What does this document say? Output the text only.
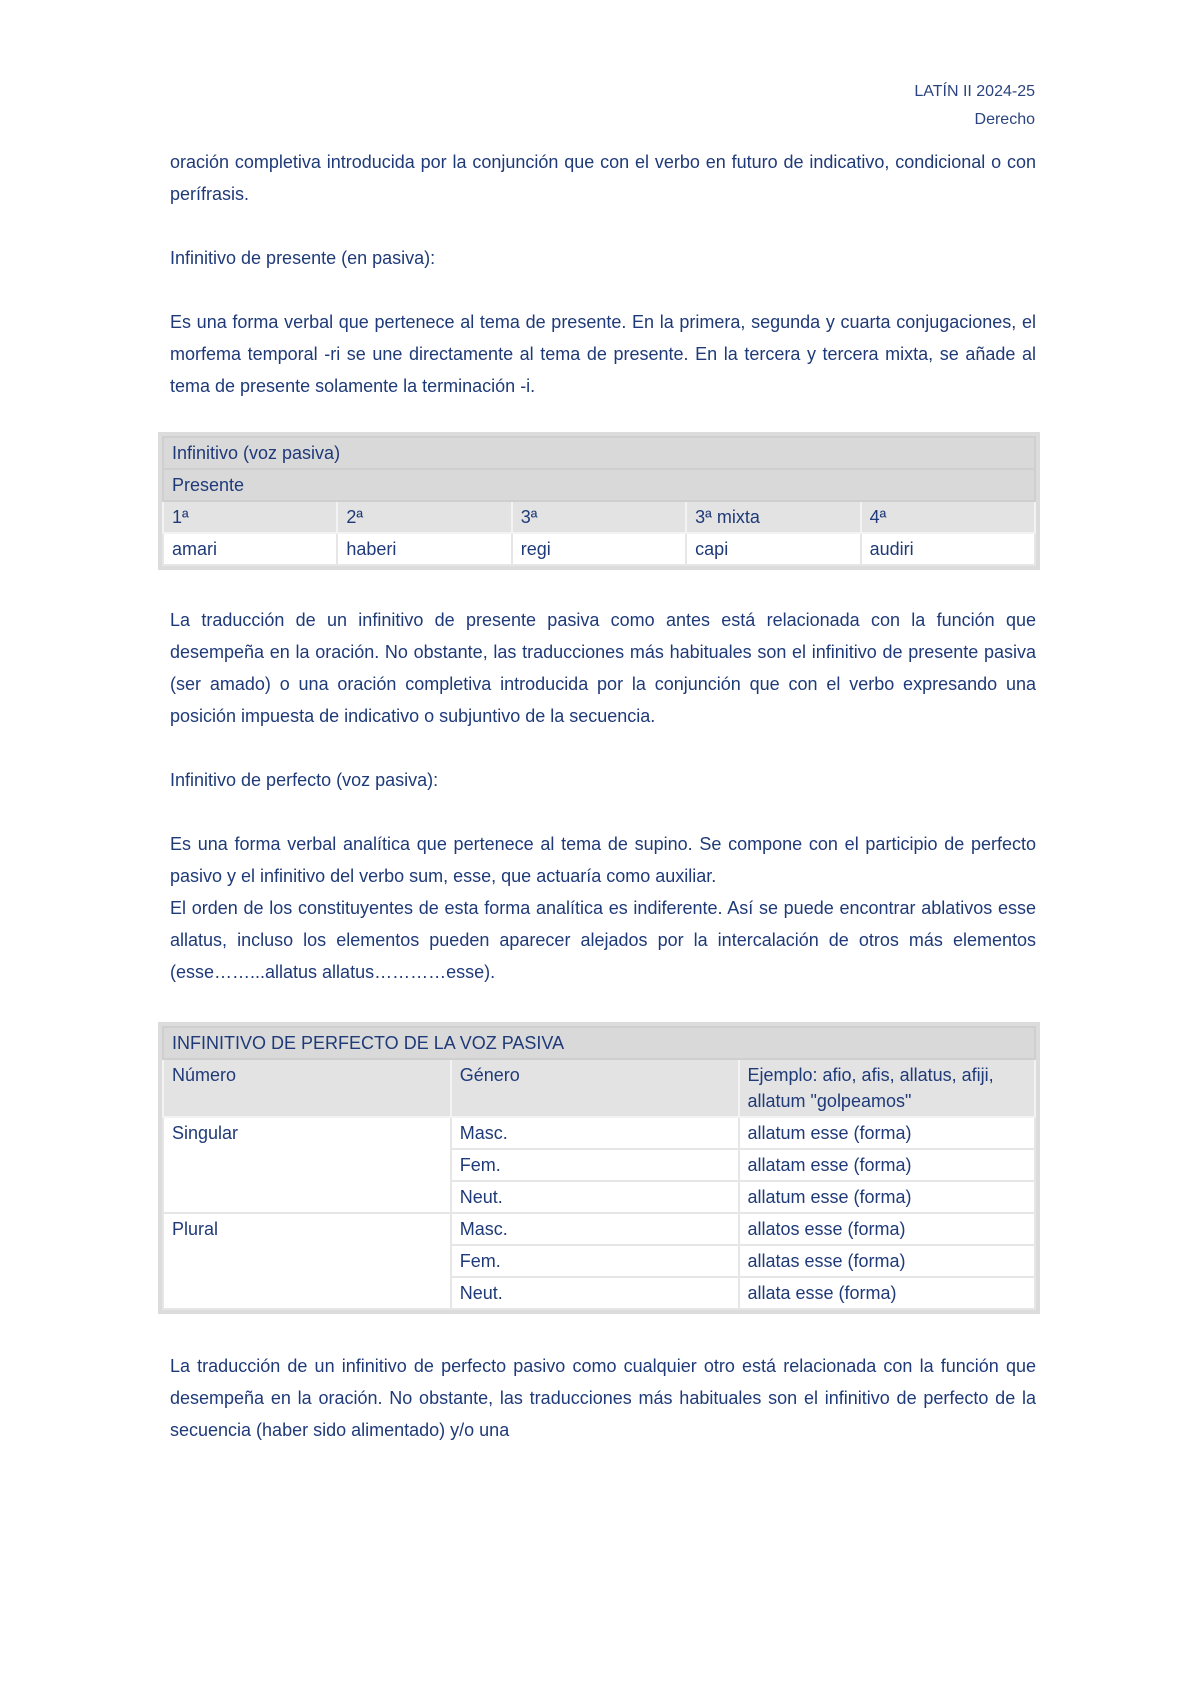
LATÍN II 2024-25
Derecho

oración completiva introducida por la conjunción que con el verbo en futuro de indicativo, condicional o con perífrasis.

Infinitivo de presente (en pasiva):

Es una forma verbal que pertenece al tema de presente. En la primera, segunda y cuarta conjugaciones, el morfema temporal -ri se une directamente al tema de presente. En la tercera y tercera mixta, se añade al tema de presente solamente la terminación -i.

Infinitivo (voz pasiva)				
Presente				
1ª	2ª	3ª	3ª mixta	4ª
amari	haberi	regi	capi	audiri

La traducción de un infinitivo de presente pasiva como antes está relacionada con la función que desempeña en la oración. No obstante, las traducciones más habituales son el infinitivo de presente pasiva (ser amado) o una oración completiva introducida por la conjunción que con el verbo expresando una posición impuesta de indicativo o subjuntivo de la secuencia.

Infinitivo de perfecto (voz pasiva):

Es una forma verbal analítica que pertenece al tema de supino. Se compone con el participio de perfecto pasivo y el infinitivo del verbo sum, esse, que actuaría como auxiliar.

El orden de los constituyentes de esta forma analítica es indiferente. Así se puede encontrar ablativos esse allatus, incluso los elementos pueden aparecer alejados por la intercalación de otros más elementos (esse……...allatus allatus…………esse).

INFINITIVO DE PERFECTO DE LA VOZ PASIVA		
Número	Género	Ejemplo: afio, afis, allatus, afiji, allatum "golpeamos"
Singular	Masc.	allatum esse (forma)
	Fem.	allatam esse (forma)
	Neut.	allatum esse (forma)
Plural	Masc.	allatos esse (forma)
	Fem.	allatas esse (forma)
	Neut.	allata esse (forma)

La traducción de un infinitivo de perfecto pasivo como cualquier otro está relacionada con la función que desempeña en la oración. No obstante, las traducciones más habituales son el infinitivo de perfecto de la secuencia (haber sido alimentado) y/o una
